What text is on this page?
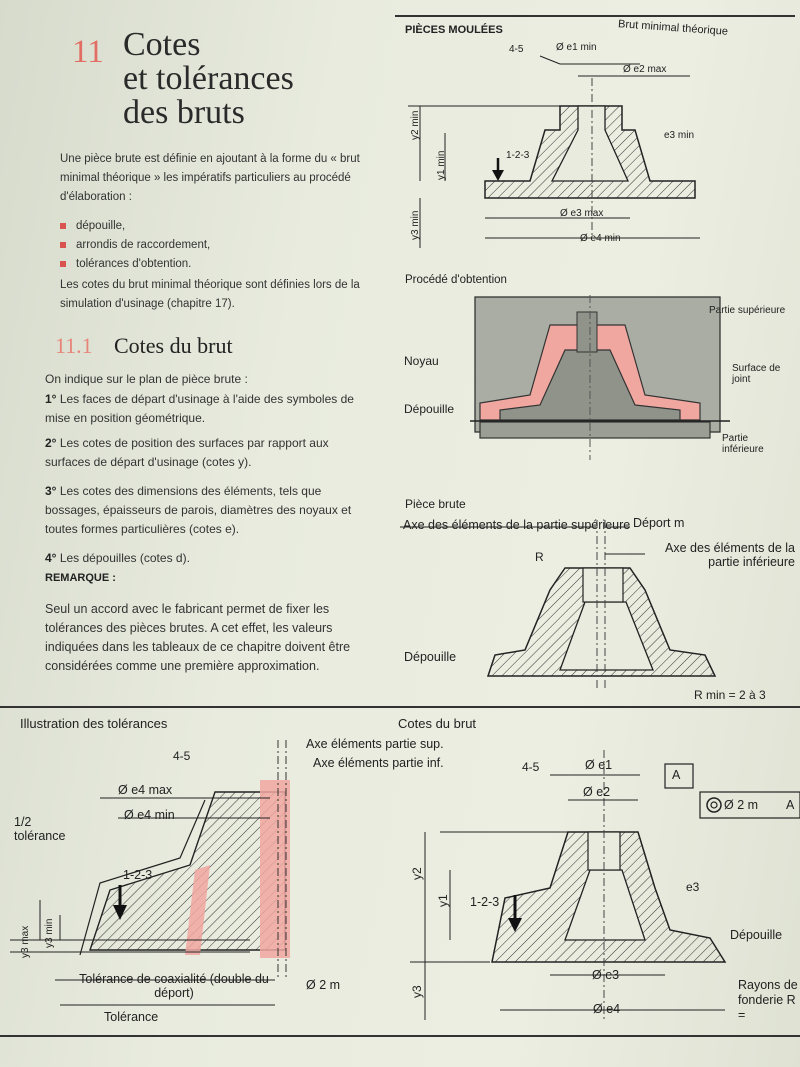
11 Cotes
et tolérances
des bruts
Une pièce brute est définie en ajoutant à la forme du « brut minimal théorique » les impératifs particuliers au procédé d'élaboration :
dépouille,
arrondis de raccordement,
tolérances d'obtention.
Les cotes du brut minimal théorique sont définies lors de la simulation d'usinage (chapitre 17).
11.1 Cotes du brut
On indique sur le plan de pièce brute :
1° Les faces de départ d'usinage à l'aide des symboles de mise en position géométrique.
2° Les cotes de position des surfaces par rapport aux surfaces de départ d'usinage (cotes y).
3° Les cotes des dimensions des éléments, tels que bossages, épaisseurs de parois, diamètres des noyaux et toutes formes particulières (cotes e).
4° Les dépouilles (cotes d).
REMARQUE :
Seul un accord avec le fabricant permet de fixer les tolérances des pièces brutes. A cet effet, les valeurs indiquées dans les tableaux de ce chapitre doivent être considérées comme une première approximation.
PIÈCES MOULÉES	Brut minimal théorique
4-5	Ø e1 min
Ø e2 max
y2 min
y1 min	1-2-3
e3 min
y3 min	Ø e3 max
Ø e4 min
Procédé d'obtention
Partie supérieure
Noyau
Surface de joint
Dépouille
Partie inférieure
Pièce brute
Axe des éléments de la partie supérieure Déport m
Axe des éléments de la partie inférieure
R
Dépouille
R min = 2 à 3
Illustration des tolérances
4-5
Axe éléments partie sup.
Axe éléments partie inf.
Ø e4 max
Ø e4 min
1/2 tolérance
1-2-3
y3 max y3 min
Tolérance de coaxialité (double du déport)
Ø 2 m
Tolérance
Cotes du brut
4-5	Ø e1
A
Ø e2
Ø 2 m A
y2
y1 1-2-3
e3
Dépouille
Ø e3
y3
Ø e4
Rayons de fonderie R =
